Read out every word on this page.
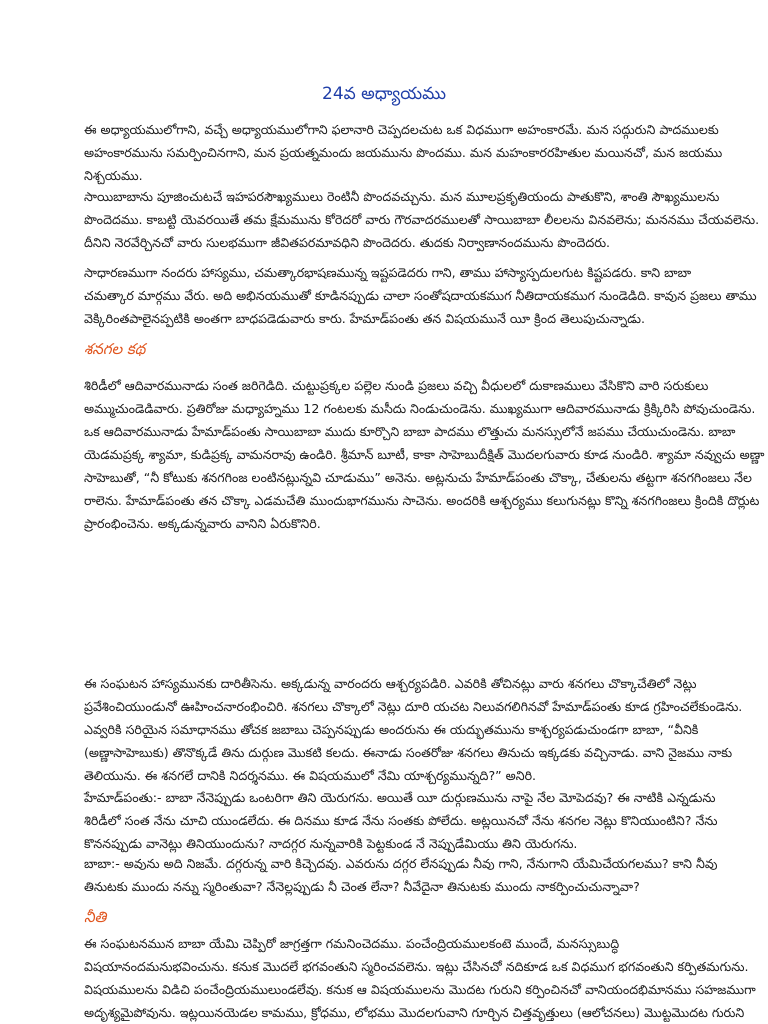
24వ అధ్యాయము
ఈ అధ్యాయములోగాని, వచ్చే అధ్యాయములోగాని ఫలానారి చెప్పదలచుట ఒక విధముగా అహంకారమే. మన సద్గురుని పాదములకు
అహంకారమును సమర్పించినగాని, మన ప్రయత్నమందు జయమును పొందము. మన మహంకారరహితుల మయినచో, మన జయము
నిశ్చయము.
సాయిబాబాను పూజించుటచే ఇహపరసౌఖ్యములు రెంటినీ పొందవచ్చును. మన మూలప్రకృతియందు పాతుకొని, శాంతి సౌఖ్యములను
పొందెదము. కాబట్టి యెవరయితే తమ క్షేమమును కోరెదరో వారు గౌరవాదరములతో సాయిబాబా లీలలను వినవలెను; మననము చేయవలెను.
దీనిని నెరవేర్చినచో వారు సులభముగా జీవితపరమావధిని పొందెదరు. తుదకు నిర్వాణానందమును పొందెదరు.
సాధారణముగా నందరు హాస్యము, చమత్కారభాషణమున్న ఇష్టపడెదరు గాని, తాము హాస్యాస్పదులగుట కిష్టపడరు. కాని బాబా
చమత్కార మార్గము వేరు. అది అభినయముతో కూడినప్పుడు చాలా సంతోషదాయకముగ నీతిదాయకముగ నుండెడిది. కావున ప్రజలు తాము
వెక్కిరింతపాలైనప్పటికి అంతగా బాధపడెడువారు కారు. హేమాడ్‌పంతు తన విషయమునే యీ క్రింద తెలుపుచున్నాడు.
శనగల కథ
శిరిడీలో ఆదివారమునాడు సంత జరిగెడిది. చుట్టుప్రక్కల పల్లెల నుండి ప్రజలు వచ్చి వీధులలో దుకాణములు వేసికొని వారి సరుకులు
అమ్ముచుండెడివారు. ప్రతిరోజు మధ్యాహ్నము 12 గంటలకు మసీదు నిండుచుండెను. ముఖ్యముగా ఆదివారమునాడు క్రిక్కిరిసి పోవుచుండెను.
ఒక ఆదివారమునాడు హేమాడ్‌పంతు సాయిబాబా ముదు కూర్చొని బాబా పాదము లొత్తుచు మనస్సులోనే జపము చేయుచుండెను. బాబా
యెడమప్రక్క శ్యామా, కుడిప్రక్క వామనరావు ఉండిరి. శ్రీమాన్ బూటీ, కాకా సాహెబుదీక్షిత్ మొదలగువారు కూడ నుండిరి. శ్యామా నవ్వుచు అణ్ణా
సాహెబుతో, “నీ కోటుకు శనగగింజ లంటినట్లున్నవి చూడుము” అనెను. అట్లనుచు హేమాడ్‌పంతు చొక్కా, చేతులను తట్టగా శనగగింజలు నేల
రాలెను. హేమాడ్‌పంతు తన చొక్కా ఎడమచేతి ముందుభాగమును సాచెను. అందరికి ఆశ్చర్యము కలుగునట్లు కొన్ని శనగగింజలు క్రిందికి దొర్లుట
ప్రారంభించెను. అక్కడున్నవారు వానిని ఏరుకొనిరి.
ఈ సంఘటన హాస్యమునకు దారితీసెను. అక్కడున్న వారందరు ఆశ్చర్యపడిరి. ఎవరికి తోచినట్లు వారు శనగలు చొక్కాచేతిలో నెట్లు
ప్రవేశించియుండునో ఊహించనారంభించిరి. శనగలు చొక్కాలో నెట్లు దూరి యచట నిలువగలిగినవో హేమాడ్‌పంతు కూడ గ్రహించలేకుండెను.
ఎవ్వరికి సరియైన సమాధానము తోచక జబాబు చెప్పనప్పుడు అందరును ఈ యద్భుతమును కాశ్చర్యపడుచుండగా బాబా, “వీనికి
(అణ్ణాసాహెబుకు) తొనొక్కడే తిను దుర్గుణ మొకటి కలదు. ఈనాడు సంతరోజు శనగలు తినుచు ఇక్కడకు వచ్చినాడు. వాని నైజము నాకు
తెలియును. ఈ శనగలే దానికి నిదర్శనము. ఈ విషయములో నేమి యాశ్చర్యమున్నది?” అనిరి.
హేమాడ్‌పంతు:- బాబా నేనెప్పుడు ఒంటరిగా తిని యెరుగను. అయితే యీ దుర్గుణమును నాపై నేల మోపెదవు? ఈ నాటికి ఎన్నడును
శిరిడీలో సంత నేను చూచి యుండలేదు. ఈ దినము కూడ నేను సంతకు పోలేదు. అట్లయినచో నేను శనగల నెట్లు కొనియుంటిని? నేను
కొననప్పుడు వానెట్లు తినియుందును? నాదగ్గర నున్నవారికి పెట్టకుండ నే నెప్పుడేమియు తిని యెరుగను.
బాబా:- అవును అది నిజమే. దగ్గరున్న వారి కిచ్చెదవు. ఎవరును దగ్గర లేనప్పుడు నీవు గాని, నేనుగాని యేమిచేయగలము? కాని నీవు
తినుటకు ముందు నన్ను స్మరింతువా? నేనెల్లప్పుడు నీ చెంత లేనా? నీవేదైనా తినుటకు ముందు నాకర్పించుచున్నావా?
నీతి
ఈ సంఘటనమున బాబా యేమి చెప్పిరో జాగ్రత్తగా గమనించెదము. పంచేంద్రియములకంటె ముందే, మనస్సుబుద్ధి
విషయానందమనుభవించును. కనుక మొదలే భగవంతుని స్మరించవలెను. ఇట్లు చేసినచో నదికూడ ఒక విధముగ భగవంతుని కర్పితమగును.
విషయములను విడిచి పంచేంద్రియములుండలేవు. కనుక ఆ విషయములను మొదట గురుని కర్పించినచో వానియందభిమానము సహజముగా
అదృశ్యమైపోవును. ఇట్లయినయెడల కామము, క్రోధము, లోభము మొదలగువాని గూర్చిన చిత్తవృత్తులు (ఆలోచనలు) మొట్టమొదట గురుని
